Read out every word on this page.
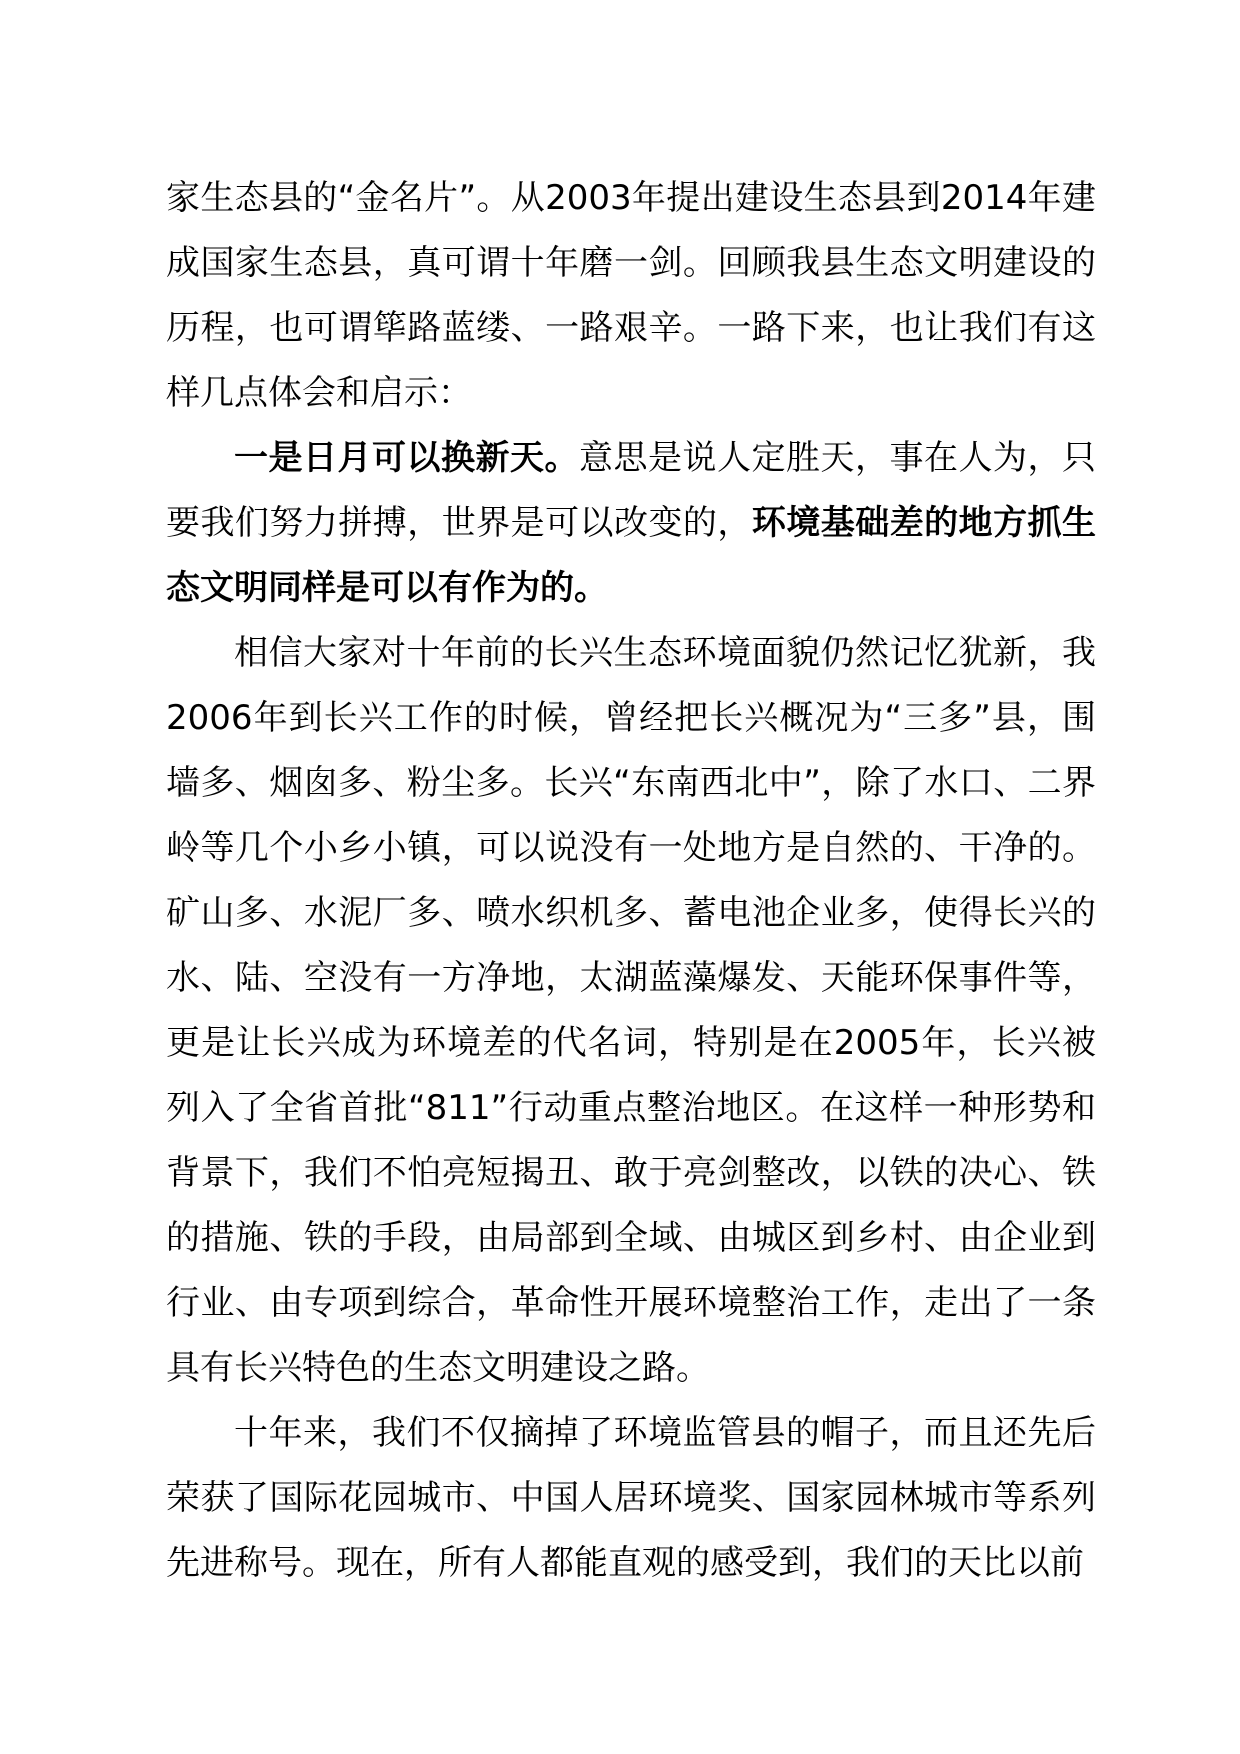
家生态县的“金名片”。从2003年提出建设生态县到2014年建成国家生态县，真可谓十年磨一剑。回顾我县生态文明建设的历程，也可谓筚路蓝缕、一路艰辛。一路下来，也让我们有这样几点体会和启示：

一是日月可以换新天。意思是说人定胜天，事在人为，只要我们努力拼搏，世界是可以改变的，环境基础差的地方抓生态文明同样是可以有作为的。

相信大家对十年前的长兴生态环境面貌仍然记忆犹新，我2006年到长兴工作的时候，曾经把长兴概况为“三多”县，围墙多、烟囱多、粉尘多。长兴“东南西北中”，除了水口、二界岭等几个小乡小镇，可以说没有一处地方是自然的、干净的。矿山多、水泥厂多、喷水织机多、蓄电池企业多，使得长兴的水、陆、空没有一方净地，太湖蓝藻爆发、天能环保事件等，更是让长兴成为环境差的代名词，特别是在2005年，长兴被列入了全省首批“811”行动重点整治地区。在这样一种形势和背景下，我们不怕亮短揭丑、敢于亮剑整改，以铁的决心、铁的措施、铁的手段，由局部到全域、由城区到乡村、由企业到行业、由专项到综合，革命性开展环境整治工作，走出了一条具有长兴特色的生态文明建设之路。

十年来，我们不仅摘掉了环境监管县的帽子，而且还先后荣获了国际花园城市、中国人居环境奖、国家园林城市等系列先进称号。现在，所有人都能直观的感受到，我们的天比以前
